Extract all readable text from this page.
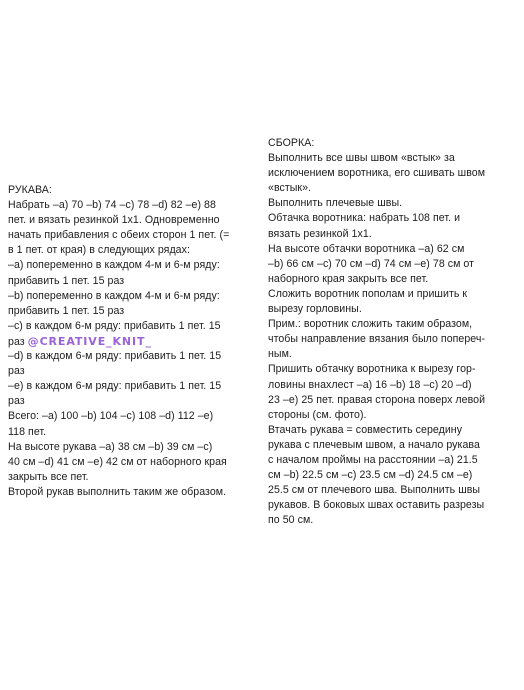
РУКАВА:
Набрать –а) 70 –b) 74 –c) 78 –d) 82 –e) 88
пет. и вязать резинкой 1x1. Одновременно
начать прибавления с обеих сторон 1 пет. (=
в 1 пет. от края) в следующих рядах:
–a) попеременно в каждом 4-м и 6-м ряду:
прибавить 1 пет. 15 раз
–b) попеременно в каждом 4-м и 6-м ряду:
прибавить 1 пет. 15 раз
–c) в каждом 6-м ряду: прибавить 1 пет. 15
раз @CREATIVE_KNIT_
–d) в каждом 6-м ряду: прибавить 1 пет. 15
раз
–e) в каждом 6-м ряду: прибавить 1 пет. 15
раз
Всего: –a) 100 –b) 104 –c) 108 –d) 112 –e)
118 пет.
На высоте рукава –a) 38 см –b) 39 см –c)
40 см –d) 41 см –e) 42 см от наборного края
закрыть все пет.
Второй рукав выполнить таким же образом.
СБОРКА:
Выполнить все швы швом «встык» за
исключением воротника, его сшивать швом
«встык».
Выполнить плечевые швы.
Обтачка воротника: набрать 108 пет. и
вязать резинкой 1x1.
На высоте обтачки воротника –a) 62 см
–b) 66 см –c) 70 см –d) 74 см –e) 78 см от
наборного края закрыть все пет.
Сложить воротник пополам и пришить к
вырезу горловины.
Прим.: воротник сложить таким образом,
чтобы направление вязания было попереч-
ным.
Пришить обтачку воротника к вырезу гор-
ловины внахлест –a) 16 –b) 18 –c) 20 –d)
23 –e) 25 пет. правая сторона поверх левой
стороны (см. фото).
Втачать рукава = совместить середину
рукава с плечевым швом, а начало рукава
с началом проймы на расстоянии –a) 21.5
см –b) 22.5 см –c) 23.5 см –d) 24.5 см –e)
25.5 см от плечевого шва. Выполнить швы
рукавов. В боковых швах оставить разрезы
по 50 см.
